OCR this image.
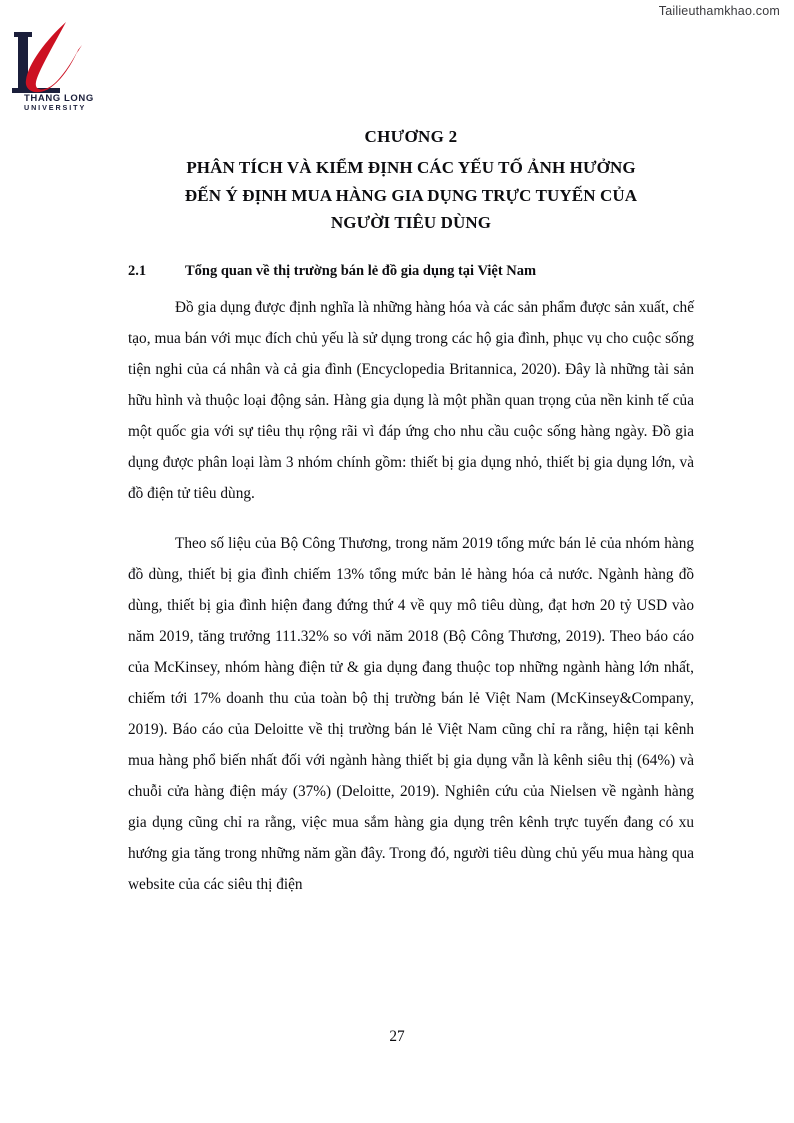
Tailieuthamkhao.com
THANG LONG
UNIVERSITY
CHƯƠNG 2
PHÂN TÍCH VÀ KIỂM ĐỊNH CÁC YẾU TỐ ẢNH HƯỞNG
ĐẾN Ý ĐỊNH MUA HÀNG GIA DỤNG TRỰC TUYẾN CỦA
NGƯỜI TIÊU DÙNG
2.1	Tổng quan về thị trường bán lẻ đồ gia dụng tại Việt Nam

Đồ gia dụng được định nghĩa là những hàng hóa và các sản phẩm được sản xuất, chế tạo, mua bán với mục đích chủ yếu là sử dụng trong các hộ gia đình, phục vụ cho cuộc sống tiện nghi của cá nhân và cả gia đình (Encyclopedia Britannica, 2020). Đây là những tài sản hữu hình và thuộc loại động sản. Hàng gia dụng là một phần quan trọng của nền kinh tế của một quốc gia với sự tiêu thụ rộng rãi vì đáp ứng cho nhu cầu cuộc sống hàng ngày. Đồ gia dụng được phân loại làm 3 nhóm chính gồm: thiết bị gia dụng nhỏ, thiết bị gia dụng lớn, và đồ điện tử tiêu dùng.

Theo số liệu của Bộ Công Thương, trong năm 2019 tổng mức bán lẻ của nhóm hàng đồ dùng, thiết bị gia đình chiếm 13% tổng mức bản lẻ hàng hóa cả nước. Ngành hàng đồ dùng, thiết bị gia đình hiện đang đứng thứ 4 về quy mô tiêu dùng, đạt hơn 20 tỷ USD vào năm 2019, tăng trưởng 111.32% so với năm 2018 (Bộ Công Thương, 2019). Theo báo cáo của McKinsey, nhóm hàng điện tử & gia dụng đang thuộc top những ngành hàng lớn nhất, chiếm tới 17% doanh thu của toàn bộ thị trường bán lẻ Việt Nam (McKinsey&Company, 2019). Báo cáo của Deloitte về thị trường bán lẻ Việt Nam cũng chỉ ra rằng, hiện tại kênh mua hàng phổ biến nhất đối với ngành hàng thiết bị gia dụng vẫn là kênh siêu thị (64%) và chuỗi cửa hàng điện máy (37%) (Deloitte, 2019). Nghiên cứu của Nielsen về ngành hàng gia dụng cũng chỉ ra rằng, việc mua sắm hàng gia dụng trên kênh trực tuyến đang có xu hướng gia tăng trong những năm gần đây. Trong đó, người tiêu dùng chủ yếu mua hàng qua website của các siêu thị điện

27
